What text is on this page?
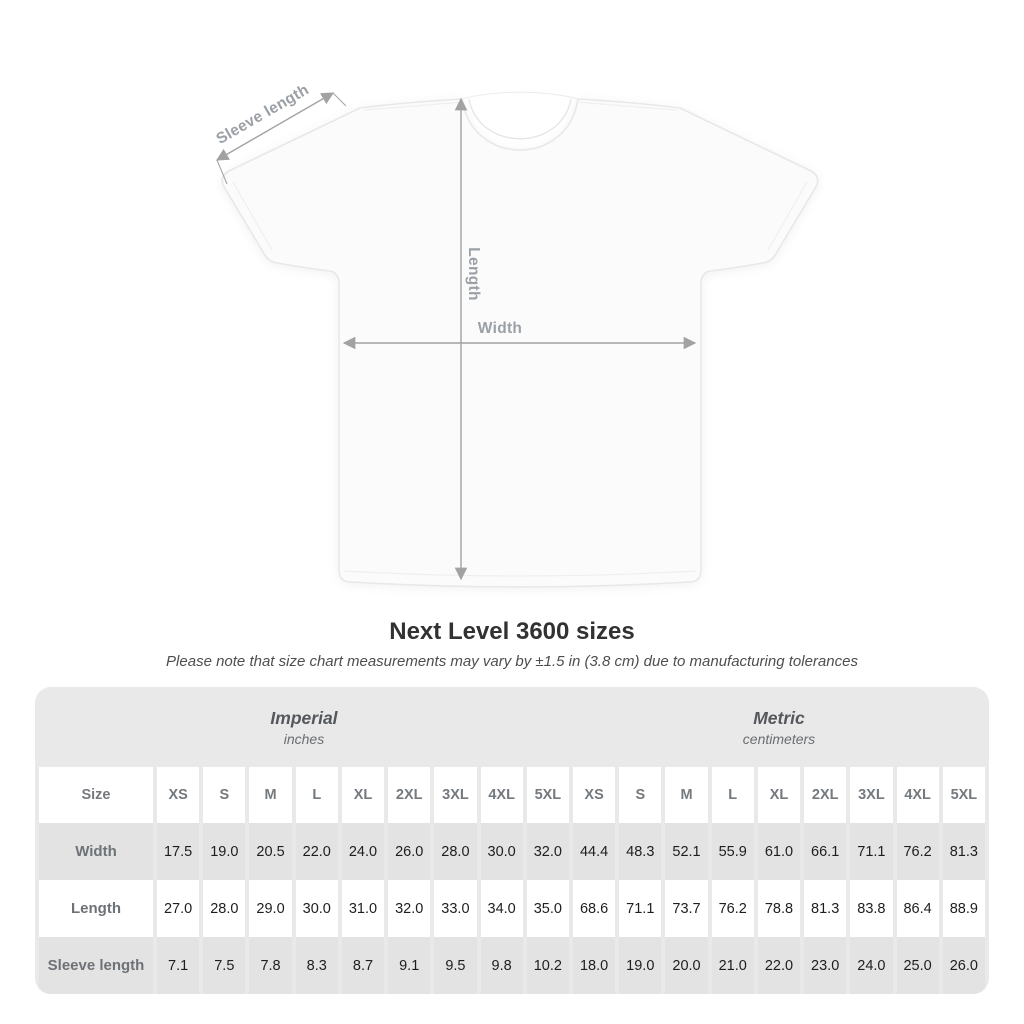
Sleeve length
Length
Width
Next Level 3600 sizes

Please note that size chart measurements may vary by ±1.5 in (3.8 cm) due to manufacturing tolerances

Imperial
inches										Metric
centimeters								

Size	XS	S	M	L	XL	2XL	3XL	4XL	5XL	XS	S	M	L	XL	2XL	3XL	4XL	5XL
Width	17.5	19.0	20.5	22.0	24.0	26.0	28.0	30.0	32.0	44.4	48.3	52.1	55.9	61.0	66.1	71.1	76.2	81.3
Length	27.0	28.0	29.0	30.0	31.0	32.0	33.0	34.0	35.0	68.6	71.1	73.7	76.2	78.8	81.3	83.8	86.4	88.9
Sleeve length	7.1	7.5	7.8	8.3	8.7	9.1	9.5	9.8	10.2	18.0	19.0	20.0	21.0	22.0	23.0	24.0	25.0	26.0
